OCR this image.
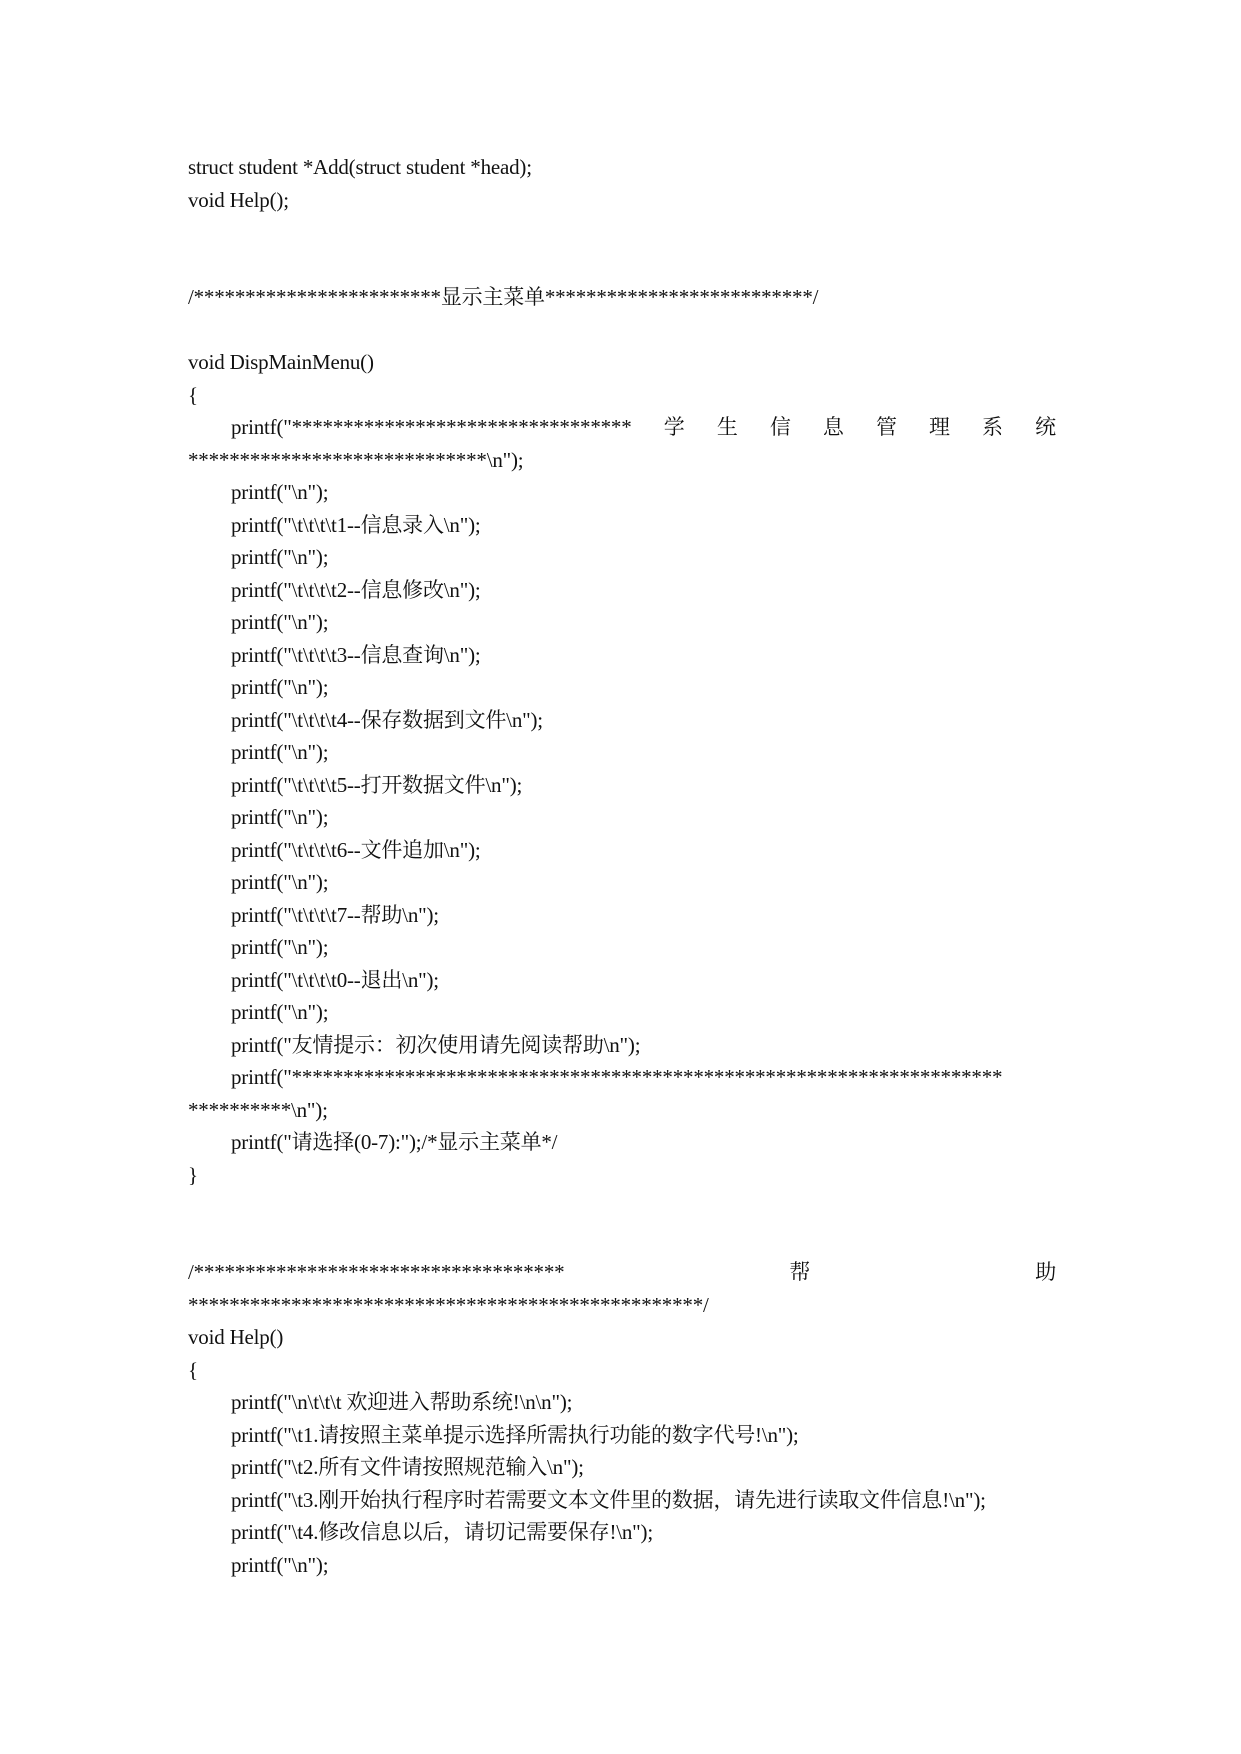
struct student *Add(struct student *head);
void Help();
/************************显示主菜单**************************/
void DispMainMenu()
{
printf("********************************* 学 生 信 息 管 理 系 统
*****************************\n");
printf("\n");
printf("\t\t\t\t1--信息录入\n");
printf("\n");
printf("\t\t\t\t2--信息修改\n");
printf("\n");
printf("\t\t\t\t3--信息查询\n");
printf("\n");
printf("\t\t\t\t4--保存数据到文件\n");
printf("\n");
printf("\t\t\t\t5--打开数据文件\n");
printf("\n");
printf("\t\t\t\t6--文件追加\n");
printf("\n");
printf("\t\t\t\t7--帮助\n");
printf("\n");
printf("\t\t\t\t0--退出\n");
printf("\n");
printf("友情提示：初次使用请先阅读帮助\n");
printf("*********************************************************************
**********\n");
printf("请选择(0-7):");/*显示主菜单*/
}
/************************************	帮	助
**************************************************/
void Help()
{
printf("\n\t\t\t 欢迎进入帮助系统!\n\n");
printf("\t1.请按照主菜单提示选择所需执行功能的数字代号!\n");
printf("\t2.所有文件请按照规范输入\n");
printf("\t3.刚开始执行程序时若需要文本文件里的数据，请先进行读取文件信息!\n");
printf("\t4.修改信息以后，请切记需要保存!\n");
printf("\n");
